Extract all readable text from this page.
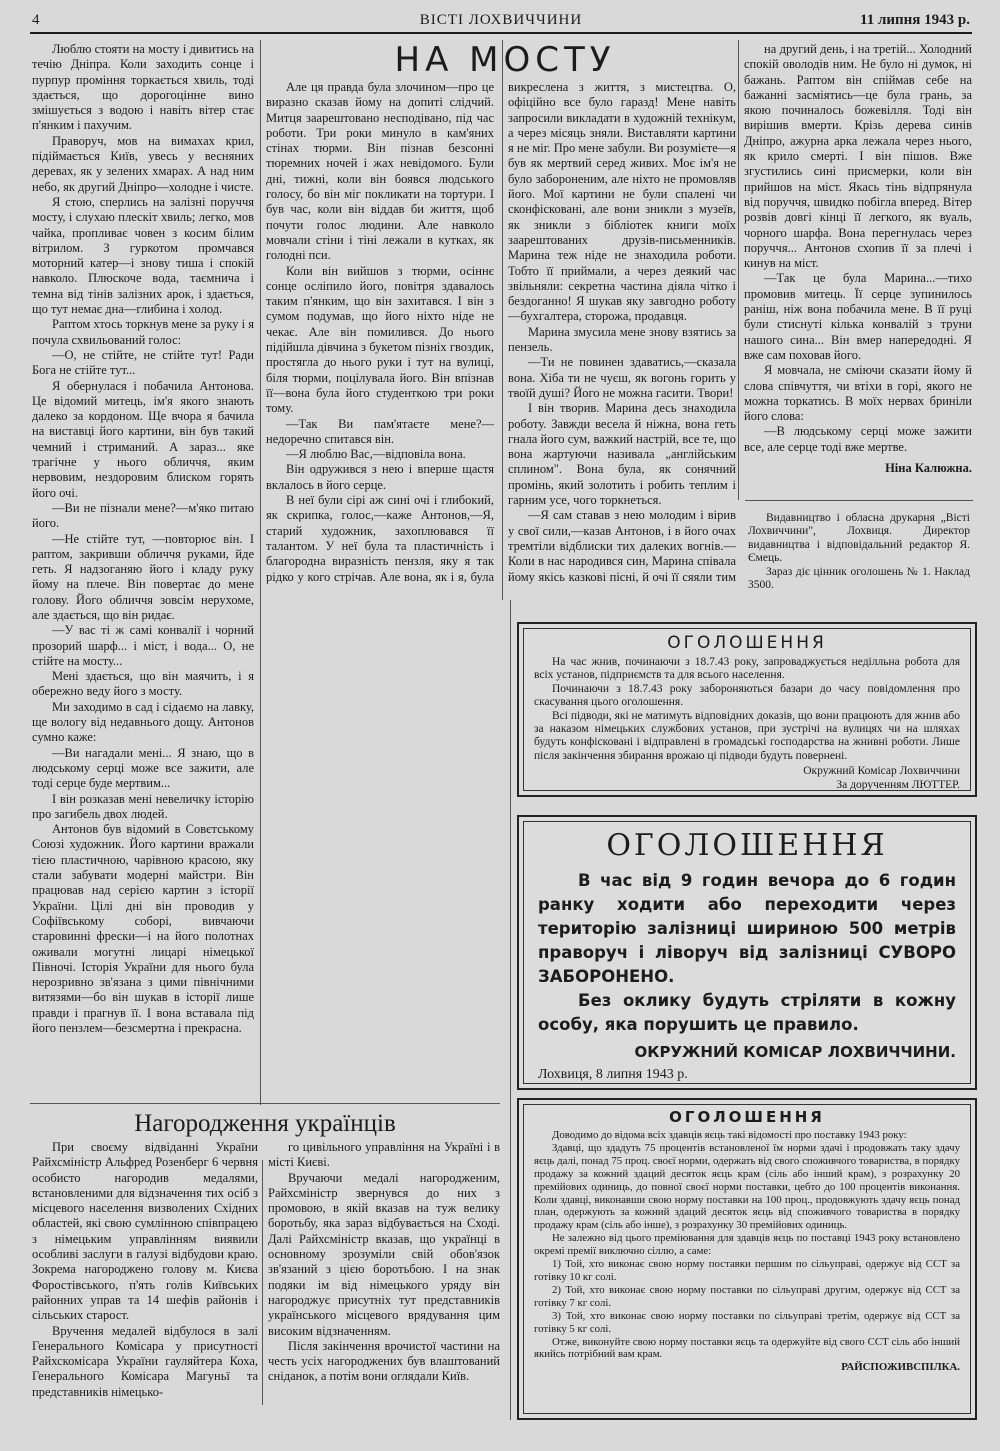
4	ВІСТІ ЛОХВИЧЧИНИ	11 липня 1943 р.
НА МОСТУ

Люблю стояти на мосту і дивитись на течію Дніпра. Коли заходить сонце і пурпур проміння торкається хвиль, тоді здається, що дорогоцінне вино змішується з водою і навіть вітер стає п'янким і пахучим.

Праворуч, мов на вимахах крил, підіймається Київ, увесь у весняних деревах, як у зелених хмарах. А над ним небо, як другий Дніпро—холодне і чисте.

Я стою, сперлись на залізні поруччя мосту, і слухаю плескіт хвиль; легко, мов чайка, пропливає човен з косим білим вітрилом. З гуркотом промчався моторний катер—і знову тиша і спокій навколо. Плюскоче вода, таємнича і темна від тінів залізних арок, і здається, що тут немає дна—глибина і холод.

Раптом хтось торкнув мене за руку і я почула схвильований голос:

—О, не стійте, не стійте тут! Ради Бога не стійте тут...

Я обернулася і побачила Антонова. Це відомий митець, ім'я якого знають далеко за кордоном. Ще вчора я бачила на виставці його картини, він був такий чемний і стриманий. А зараз... яке трагічне у нього обличчя, яким нервовим, нездоровим блиском горять його очі.

—Ви не пізнали мене?—м'яко питаю його.

—Не стійте тут, —повторює він. І раптом, закривши обличчя руками, йде геть. Я надзоганяю його і кладу руку йому на плече. Він повертає до мене голову. Його обличчя зовсім нерухоме, але здається, що він ридає.

—У вас ті ж самі конвалії і чорний прозорий шарф... і міст, і вода... О, не стійте на мосту...

Мені здається, що він маячить, і я обережно веду його з мосту.

Ми заходимо в сад і сідаємо на лавку, ще вологу від недавнього дощу. Антонов сумно каже:

—Ви нагадали мені... Я знаю, що в людському серці може все зажити, але тоді серце буде мертвим...

І він розказав мені невеличку історію про загибель двох людей.

Антонов був відомий в Совєтському Союзі художник. Його картини вражали тією пластичною, чарівною красою, яку стали забувати модерні майстри. Він працював над серією картин з історії України. Цілі дні він проводив у Софіївському соборі, вивчаючи старовинні фрески—і на його полотнах оживали могутні лицарі німецької Півночі. Історія України для нього була нерозривно зв'язана з цими північними витязями—бо він шукав в історії лише правди і прагнув її. І вона вставала під його пензлем—безсмертна і прекрасна.

Але ця правда була злочином—про це виразно сказав йому на допиті слідчий. Митця заарештовано несподівано, під час роботи. Три роки минуло в кам'яних стінах тюрми. Він пізнав безсонні тюремних ночей і жах невідомого. Були дні, тижні, коли він боявся людського голосу, бо він міг покликати на тортури. І був час, коли він віддав би життя, щоб почути голос людини. Але навколо мовчали стіни і тіні лежали в кутках, як голодні пси.

Коли він вийшов з тюрми, осіннє сонце осліпило його, повітря здавалось таким п'янким, що він захитався. І він з сумом подумав, що його ніхто ніде не чекає. Але він помилився. До нього підійшла дівчина з букетом пізніх гвоздик, простягла до нього руки і тут на вулиці, біля тюрми, поцілувала його. Він впізнав її—вона була його студенткою три роки тому.

—Так Ви пам'ятаєте мене?—недоречно спитався він.

—Я люблю Вас,—відповіла вона.

Він одружився з нею і вперше щастя вклалось в його серце.

В неї були сірі аж сині очі і глибокий, як скрипка, голос,—каже Антонов,—Я, старий художник, захоплювався її талантом. У неї була та пластичність і благородна виразність пензля, яку я так рідко у кого стрічав. Але вона, як і я, була викреслена з життя, з мистецтва. О, офіційно все було гаразд! Мене навіть запросили викладати в художній технікум, а через місяць зняли. Виставляти картини я не міг. Про мене забули. Ви розумієте—я був як мертвий серед живих. Моє ім'я не було забороненим, але ніхто не промовляв його. Мої картини не були спалені чи сконфісковані, але вони зникли з музеїв, як зникли з бібліотек книги моїх заарештованих друзів-письменників. Марина теж ніде не знаходила роботи. Тобто її приймали, а через деякий час звільняли: секретна частина діяла чітко і бездоганно! Я шукав яку завгодно роботу—бухгалтера, сторожа, продавця.

Марина змусила мене знову взятись за пензель.

—Ти не повинен здаватись,—сказала вона. Хіба ти не чуєш, як вогонь горить у твоїй душі? Його не можна гасити. Твори!

І він творив. Марина десь знаходила роботу. Завжди весела й ніжна, вона геть гнала його сум, важкий настрій, все те, що вона жартуючи називала „англійським сплином". Вона була, як сонячний промінь, який золотить і робить теплим і гарним усе, чого торкнеться.

—Я сам ставав з нею молодим і вірив у свої сили,—казав Антонов, і в його очах тремтіли відблиски тих далеких вогнів.—Коли в нас народився син, Марина співала йому якісь казкові пісні, й очі її сяяли тим

на другий день, і на третій... Холодний спокій оволодів ним. Не було ні думок, ні бажань. Раптом він спіймав себе на бажанні засміятись—це була грань, за якою починалось божевілля. Тоді він вирішив вмерти. Крізь дерева синів Дніпро, ажурна арка лежала через нього, як крило смерті. І він пішов. Вже згустились сині присмерки, коли він прийшов на міст. Якась тінь відпрянула від поруччя, швидко побігла вперед. Вітер розвів довгі кінці її легкого, як вуаль, чорного шарфа. Вона перегнулась через поруччя... Антонов схопив її за плечі і кинув на міст.

—Так це була Марина...—тихо промовив митець. Її серце зупинилось раніш, ніж вона побачила мене. В її руці були стиснуті кілька конвалій з труни нашого сина... Він вмер напередодні. Я вже сам поховав його.

Я мовчала, не сміючи сказати йому й слова співчуття, чи втіхи в горі, якого не можна торкатись. В моїх нервах бриніли його слова:

—В людському серці може зажити все, але серце тоді вже мертве.

Ніна Калюжна.

Видавництво і обласна друкарня „Вісті Лохвиччини", Лохвиця. Директор видавництва і відповідальний редактор Я. Ємець.

Зараз діє цінник оголошень № 1. Наклад 3500.

ОГОЛОШЕННЯ

На час жнив, починаючи з 18.7.43 року, запроваджується неділльна робота для всіх установ, підприємств та для всього населення.

Починаючи з 18.7.43 року забороняються базари до часу повідомлення про скасування цього оголошення.

Всі підводи, які не матимуть відповідних доказів, що вони працюють для жнив або за наказом німецьких службових установ, при зустрічі на вулицях чи на шляхах будуть конфісковані і відправлені в громадські господарства на жнивні роботи. Лише після закінчення збирання врожаю ці підводи будуть повернені.

Окружний Комісар Лохвиччини

За дорученням ЛЮТТЕР.

ОГОЛОШЕННЯ

В час від 9 годин вечора до 6 годин ранку ходити або переходити через територію залізниці шириною 500 метрів праворуч і ліворуч від залізниці СУВОРО ЗАБОРОНЕНО.

Без оклику будуть стріляти в кожну особу, яка порушить це правило.

ОКРУЖНИЙ КОМІСАР ЛОХВИЧЧИНИ.
Лохвиця, 8 липня 1943 р.
ОГОЛОШЕННЯ

Доводимо до відома всіх здавців яєць такі відомості про поставку 1943 року:

Здавці, що здадуть 75 процентів встановленої їм норми здачі і продовжать таку здачу яєць далі, понад 75 проц. своєї норми, одержать від свого споживчого товариства, в порядку продажу за кожний здаций десяток яєць крам (сіль або інший крам), з розрахунку 20 премійових одиниць, до повної своєї норми поставки, цебто до 100 процентів виконання. Коли здавці, виконавши свою норму поставки на 100 проц., продовжують здачу яєць понад план, одержують за кожний здаций десяток яєць від споживчого товариства в порядку продажу крам (сіль або інше), з розрахунку 30 премійових одиниць.

Не залежно від цього преміювання для здавців яєць по поставці 1943 року встановлено окремі премії виключно сіллю, а саме:

1) Той, хто виконає свою норму поставки першим по сільуправі, одержує від ССТ за готівку 10 кг солі.

2) Той, хто виконає свою норму поставки по сільуправі другим, одержує від ССТ за готівку 7 кг солі.

3) Той, хто виконає свою норму поставки по сільуправі третім, одержує від ССТ за готівку 5 кг солі.

Отже, виконуйте свою норму поставки яєць та одержуйте від свого ССТ сіль або інший якийсь потрібний вам крам.

РАЙСПОЖИВСПІЛКА.

Нагородження українців

При своєму відвіданні України Райхсміністр Альфред Розенберг 6 червня особисто нагородив медалями, встановленими для відзначення тих осіб з місцевого населення визволених Східних областей, які свою сумлінною співпрацею з німецьким управлінням виявили особливі заслуги в галузі відбудови краю. Зокрема нагороджено голову м. Києва Форостівського, п'ять голів Київських районних управ та 14 шефів районів і сільських старост.

Вручення медалей відбулося в залі Генерального Комісара у присутності Райхскомісара України гауляйтера Коха, Генерального Комісара Магуньї та представників німецько-

го цивільного управління на Україні і в місті Києві.

Вручаючи медалі нагородженим, Райхсміністр звернувся до них з промовою, в якій вказав на туж велику боротьбу, яка зараз відбувається на Сході. Далі Райхсміністр вказав, що українці в основному зрозуміли свій обов'язок зв'язаний з цією боротьбою. І на знак подяки ім від німецького уряду він нагороджує присутніх тут представників українського місцевого врядування цим високим відзначенням.

Після закінчення врочистої частини на честь усіх нагороджених був влаштований сніданок, а потім вони оглядали Київ.
